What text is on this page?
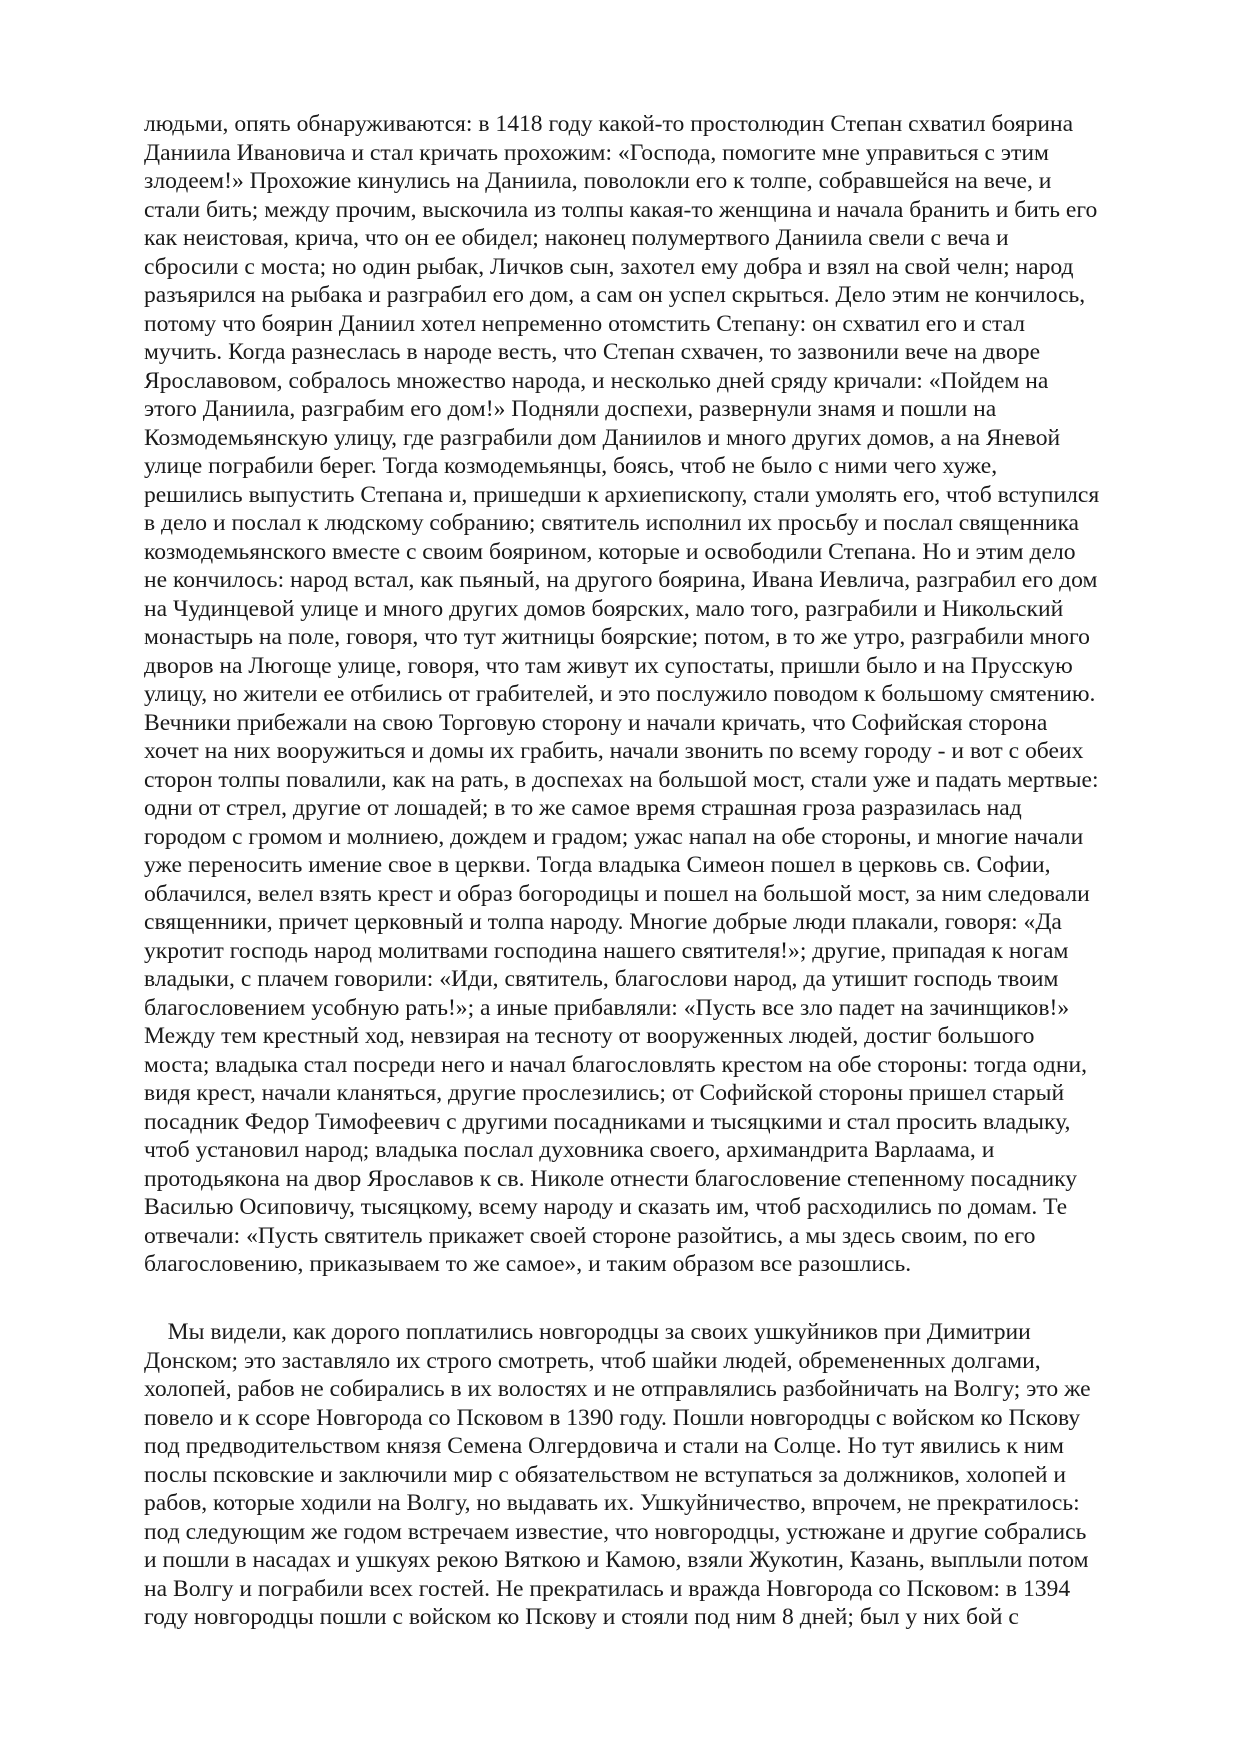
людьми, опять обнаруживаются: в 1418 году какой-то простолюдин Степан схватил боярина
Даниила Ивановича и стал кричать прохожим: «Господа, помогите мне управиться с этим
злодеем!» Прохожие кинулись на Даниила, поволокли его к толпе, собравшейся на вече, и
стали бить; между прочим, выскочила из толпы какая-то женщина и начала бранить и бить его
как неистовая, крича, что он ее обидел; наконец полумертвого Даниила свели с веча и
сбросили с моста; но один рыбак, Личков сын, захотел ему добра и взял на свой челн; народ
разъярился на рыбака и разграбил его дом, а сам он успел скрыться. Дело этим не кончилось,
потому что боярин Даниил хотел непременно отомстить Степану: он схватил его и стал
мучить. Когда разнеслась в народе весть, что Степан схвачен, то зазвонили вече на дворе
Ярославовом, собралось множество народа, и несколько дней сряду кричали: «Пойдем на
этого Даниила, разграбим его дом!» Подняли доспехи, развернули знамя и пошли на
Козмодемьянскую улицу, где разграбили дом Даниилов и много других домов, а на Яневой
улице пограбили берег. Тогда козмодемьянцы, боясь, чтоб не было с ними чего хуже,
решились выпустить Степана и, пришедши к архиепископу, стали умолять его, чтоб вступился
в дело и послал к людскому собранию; святитель исполнил их просьбу и послал священника
козмодемьянского вместе с своим боярином, которые и освободили Степана. Но и этим дело
не кончилось: народ встал, как пьяный, на другого боярина, Ивана Иевлича, разграбил его дом
на Чудинцевой улице и много других домов боярских, мало того, разграбили и Никольский
монастырь на поле, говоря, что тут житницы боярские; потом, в то же утро, разграбили много
дворов на Люгоще улице, говоря, что там живут их супостаты, пришли было и на Прусскую
улицу, но жители ее отбились от грабителей, и это послужило поводом к большому смятению.
Вечники прибежали на свою Торговую сторону и начали кричать, что Софийская сторона
хочет на них вооружиться и домы их грабить, начали звонить по всему городу - и вот с обеих
сторон толпы повалили, как на рать, в доспехах на большой мост, стали уже и падать мертвые:
одни от стрел, другие от лошадей; в то же самое время страшная гроза разразилась над
городом с громом и молниею, дождем и градом; ужас напал на обе стороны, и многие начали
уже переносить имение свое в церкви. Тогда владыка Симеон пошел в церковь св. Софии,
облачился, велел взять крест и образ богородицы и пошел на большой мост, за ним следовали
священники, причет церковный и толпа народу. Многие добрые люди плакали, говоря: «Да
укротит господь народ молитвами господина нашего святителя!»; другие, припадая к ногам
владыки, с плачем говорили: «Иди, святитель, благослови народ, да утишит господь твоим
благословением усобную рать!»; а иные прибавляли: «Пусть все зло падет на зачинщиков!»
Между тем крестный ход, невзирая на тесноту от вооруженных людей, достиг большого
моста; владыка стал посреди него и начал благословлять крестом на обе стороны: тогда одни,
видя крест, начали кланяться, другие прослезились; от Софийской стороны пришел старый
посадник Федор Тимофеевич с другими посадниками и тысяцкими и стал просить владыку,
чтоб установил народ; владыка послал духовника своего, архимандрита Варлаама, и
протодьякона на двор Ярославов к св. Николе отнести благословение степенному посаднику
Василью Осиповичу, тысяцкому, всему народу и сказать им, чтоб расходились по домам. Те
отвечали: «Пусть святитель прикажет своей стороне разойтись, а мы здесь своим, по его
благословению, приказываем то же самое», и таким образом все разошлись.
Мы видели, как дорого поплатились новгородцы за своих ушкуйников при Димитрии
Донском; это заставляло их строго смотреть, чтоб шайки людей, обремененных долгами,
холопей, рабов не собирались в их волостях и не отправлялись разбойничать на Волгу; это же
повело и к ссоре Новгорода со Псковом в 1390 году. Пошли новгородцы с войском ко Пскову
под предводительством князя Семена Олгердовича и стали на Солце. Но тут явились к ним
послы псковские и заключили мир с обязательством не вступаться за должников, холопей и
рабов, которые ходили на Волгу, но выдавать их. Ушкуйничество, впрочем, не прекратилось:
под следующим же годом встречаем известие, что новгородцы, устюжане и другие собрались
и пошли в насадах и ушкуях рекою Вяткою и Камою, взяли Жукотин, Казань, выплыли потом
на Волгу и пограбили всех гостей. Не прекратилась и вражда Новгорода со Псковом: в 1394
году новгородцы пошли с войском ко Пскову и стояли под ним 8 дней; был у них бой с
